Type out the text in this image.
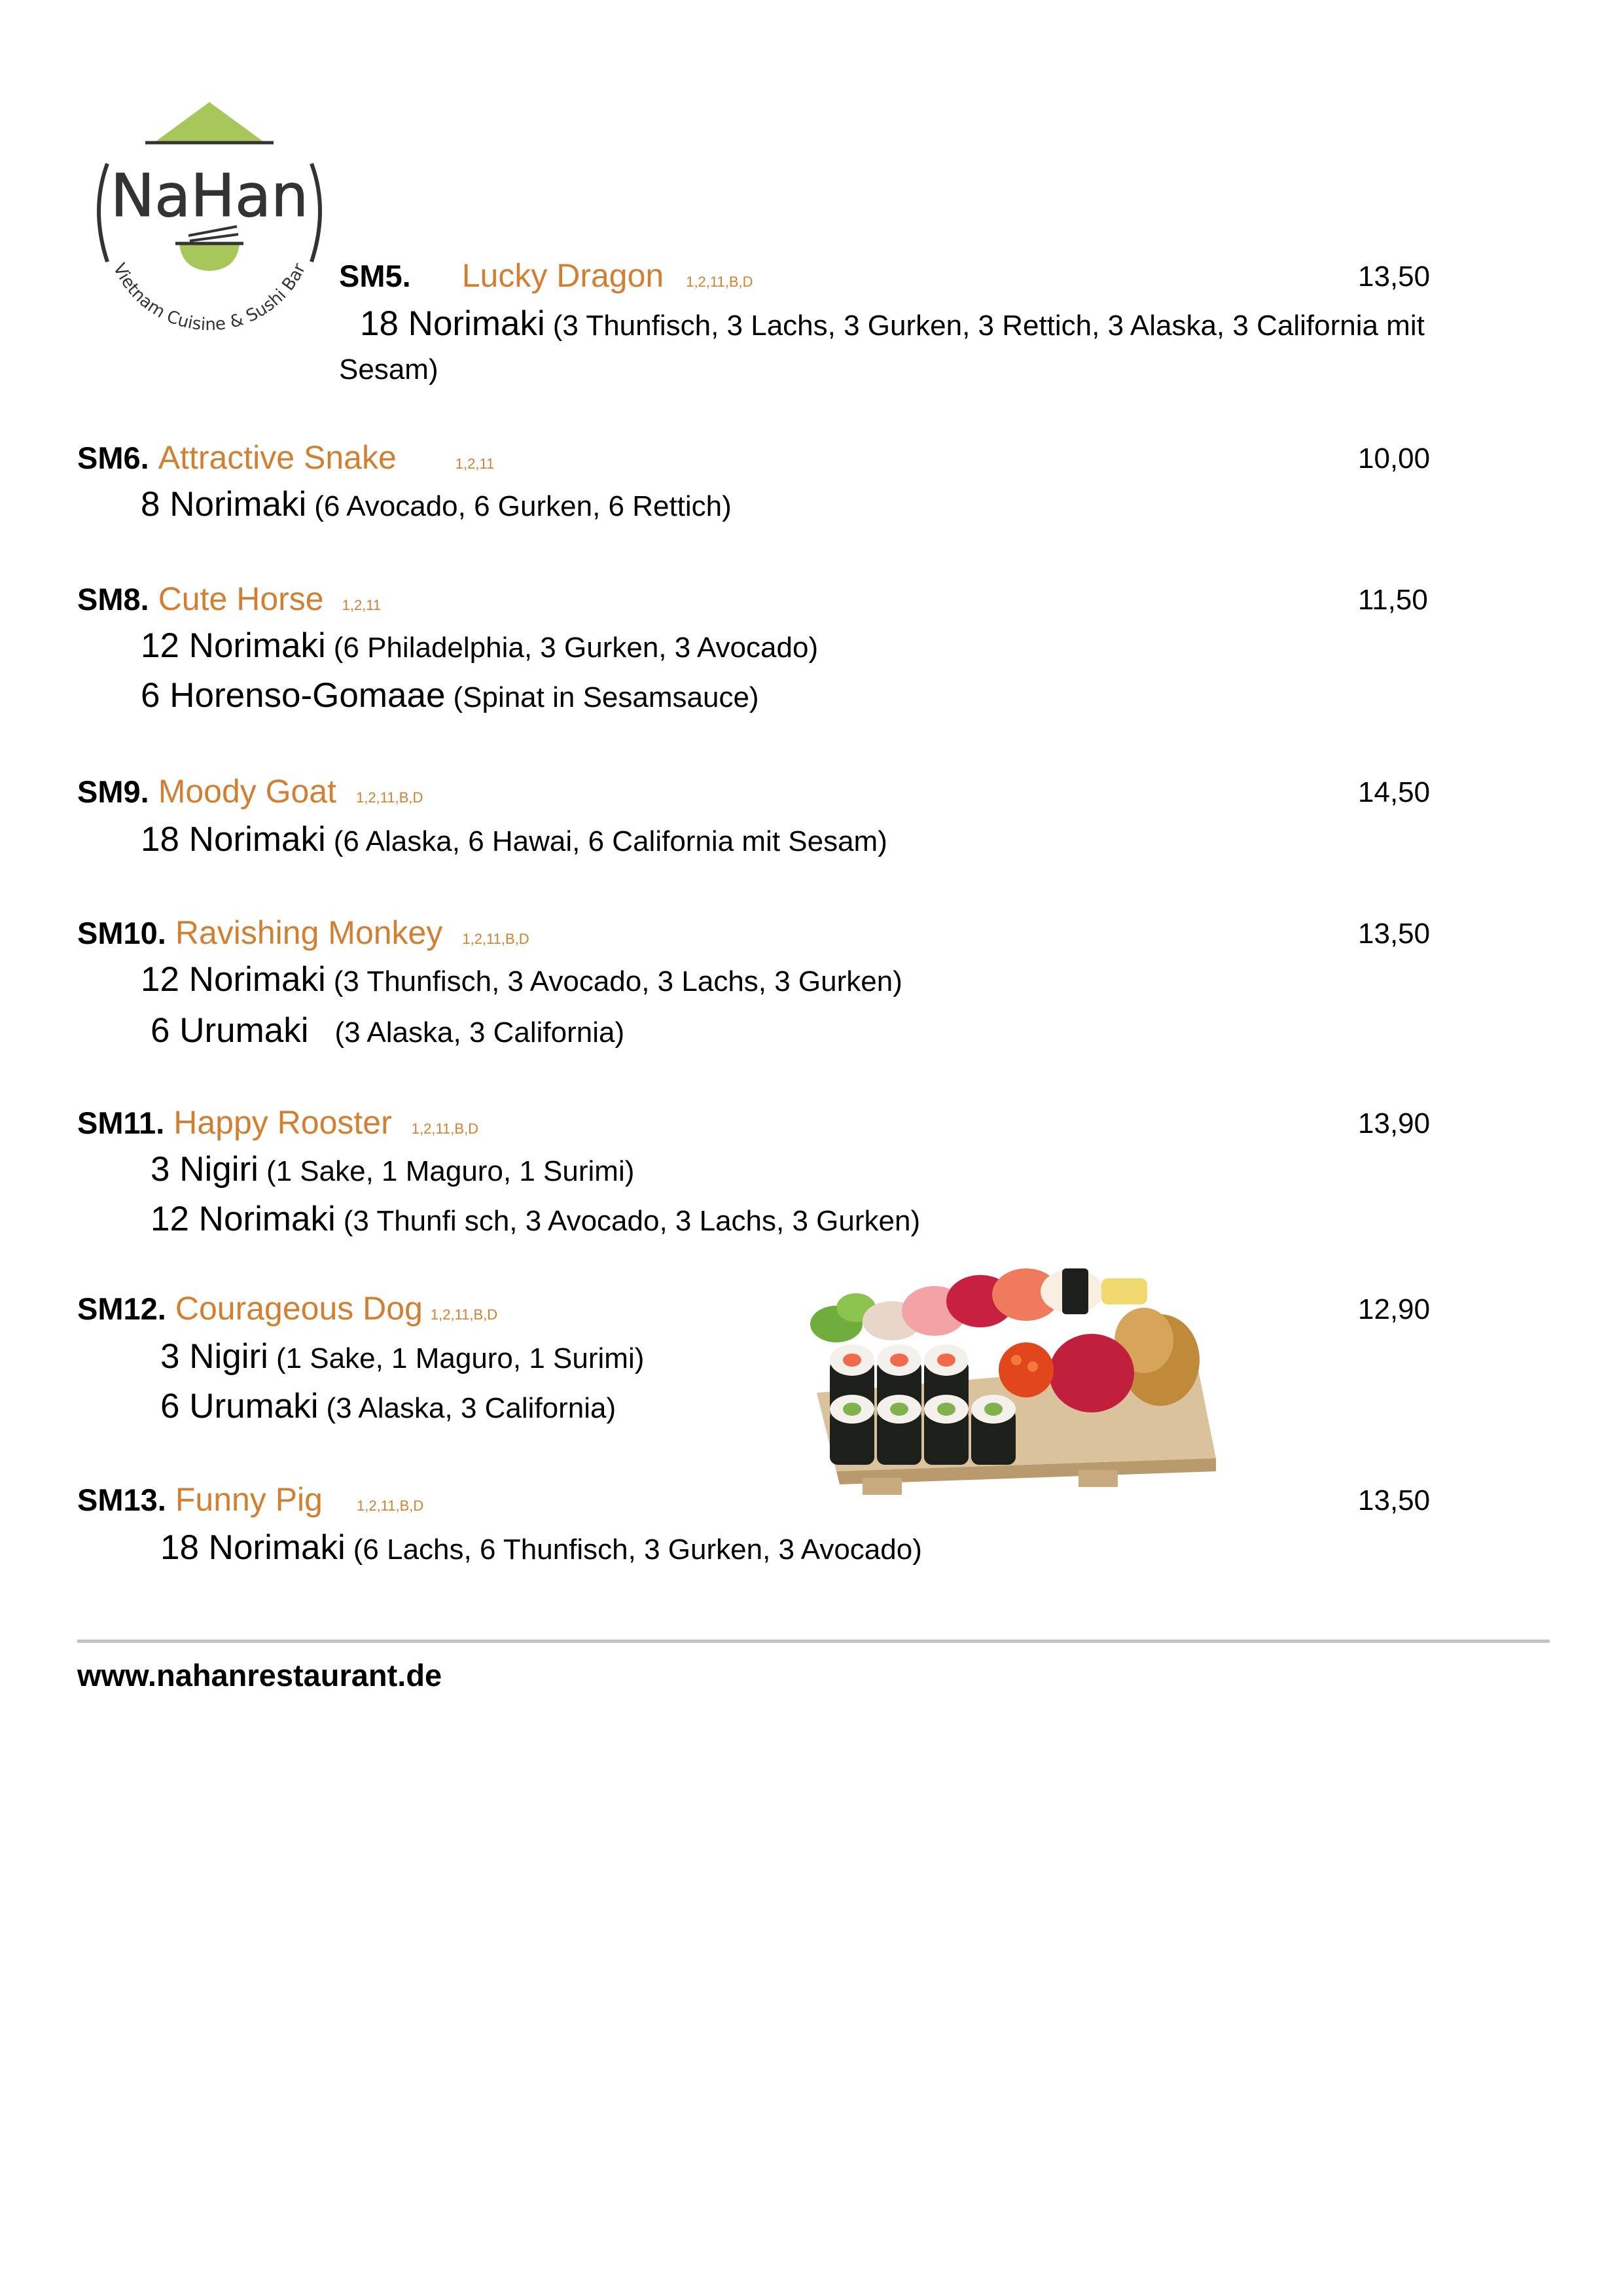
NaHan
Vietnam Cuisine & Sushi Bar SM5 . Lucky Dragon 1,2,11,B,D	13,50
18 Norimaki (3 Thunfisch, 3 Lachs, 3 Gurken, 3 Rettich, 3 Alaska, 3 California mit
Sesam)
SM6 . Attractive Snake	1,2,11	10,00
8 Norimaki (6 Avocado, 6 Gurken, 6 Rettich)
SM8 . Cute Horse 1,2,11	11,50
12 Norimaki (6 Philadelphia, 3 Gurken, 3 Avocado)
6 Horenso-Gomaae (Spinat in Sesamsauce)
SM9 . Moody Goat 1,2,11,B,D	14,50
18 Norimaki (6 Alaska, 6 Hawai, 6 California mit Sesam)
SM10 . Ravishing Monkey 1,2,11,B,D	13,50
12 Norimaki (3 Thunfisch, 3 Avocado, 3 Lachs, 3 Gurken)
6 Urumaki (3 Alaska, 3 California)
SM11 . Happy Rooster 1,2,11,B,D	13,90
3 Nigiri (1 Sake, 1 Maguro, 1 Surimi)
12 Norimaki (3 Thunfi sch, 3 Avocado, 3 Lachs, 3 Gurken)
SM12 . Courageous Dog 1,2,11,B,D	12,90
3 Nigiri (1 Sake, 1 Maguro, 1 Surimi)
6 Urumaki (3 Alaska, 3 California)
SM13 . Funny Pig 1,2,11,B,D	13,50
18 Norimaki (6 Lachs, 6 Thunfisch, 3 Gurken, 3 Avocado)
www.nahanrestaurant.de
